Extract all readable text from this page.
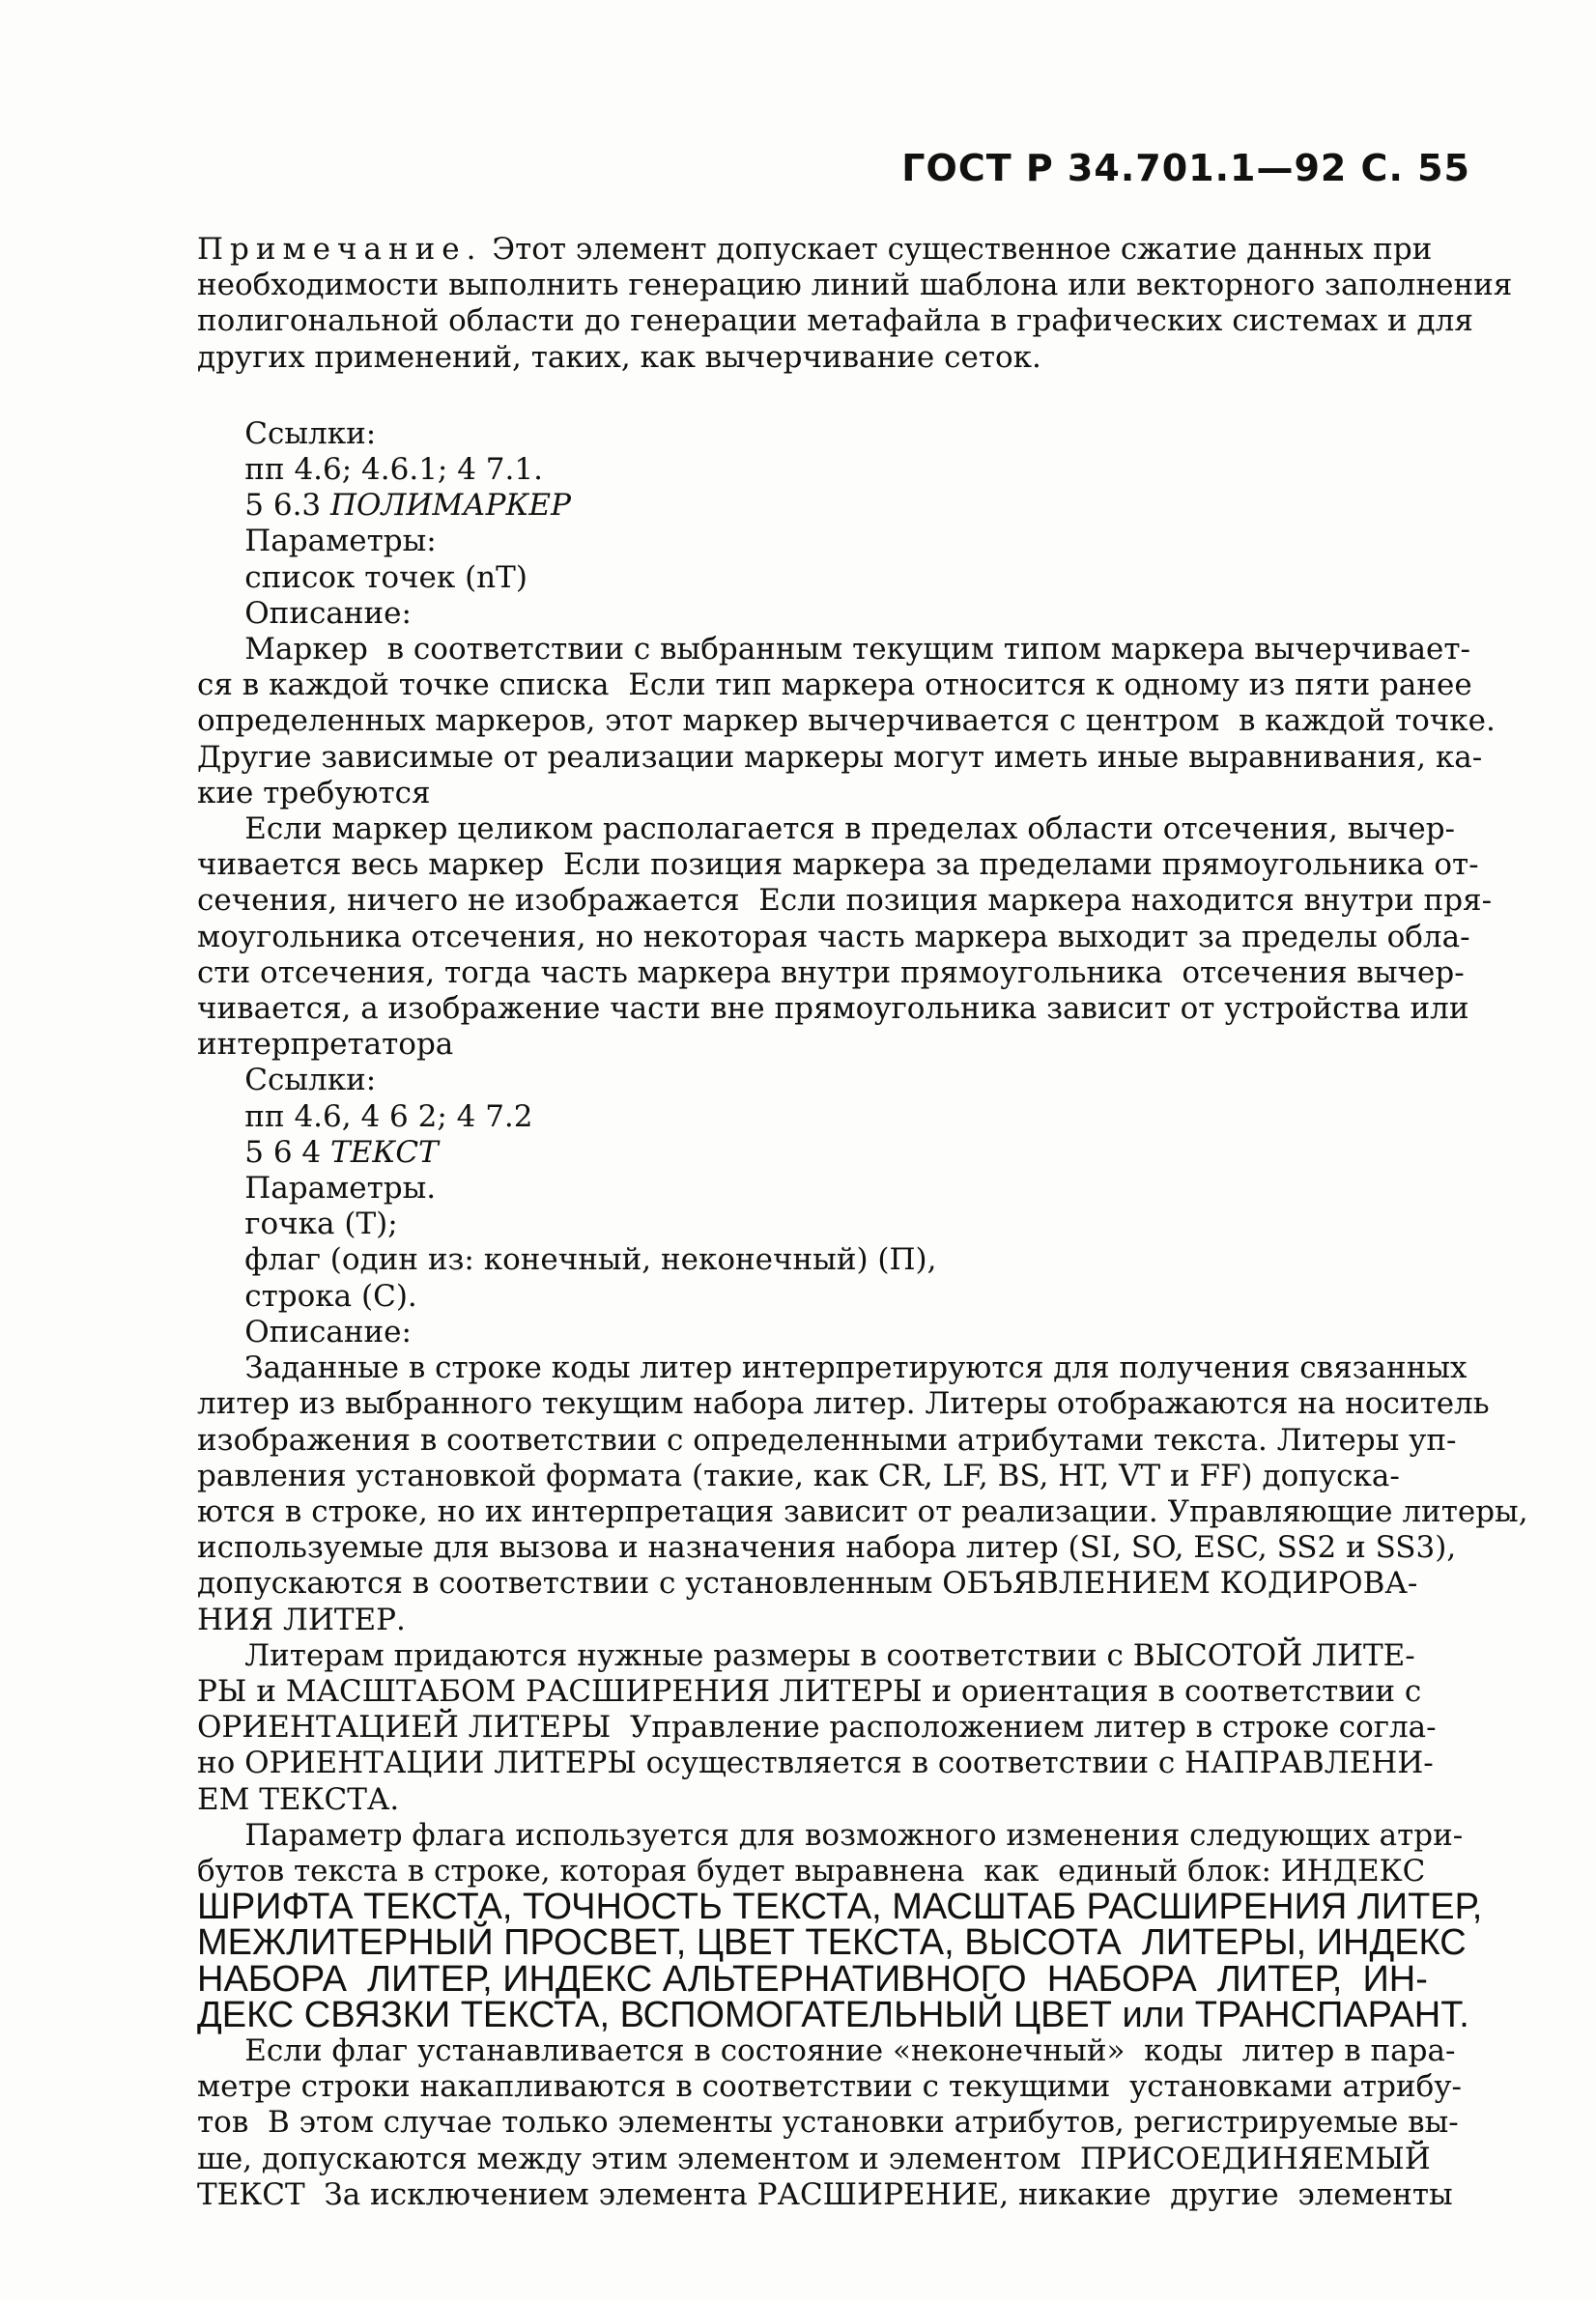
ГОСТ Р 34.701.1—92 С. 55
Примечание. Этот элемент допускает существенное сжатие данных при
необходимости выполнить генерацию линий шаблона или векторного заполнения
полигональной области до генерации метафайла в графических системах и для
других применений, таких, как вычерчивание сеток.
Ссылки:
пп 4.6; 4.6.1; 4 7.1.
5 6.3 ПОЛИМАРКЕР
Параметры:
список точек (nT)
Описание:
Маркер  в соответствии с выбранным текущим типом маркера вычерчивает-
ся в каждой точке списка  Если тип маркера относится к одному из пяти ранее
определенных маркеров, этот маркер вычерчивается с центром  в каждой точке.
Другие зависимые от реализации маркеры могут иметь иные выравнивания, ка-
кие требуются
Если маркер целиком располагается в пределах области отсечения, вычер-
чивается весь маркер  Если позиция маркера за пределами прямоугольника от-
сечения, ничего не изображается  Если позиция маркера находится внутри пря-
моугольника отсечения, но некоторая часть маркера выходит за пределы обла-
сти отсечения, тогда часть маркера внутри прямоугольника  отсечения вычер-
чивается, а изображение части вне прямоугольника зависит от устройства или
интерпретатора
Ссылки:
пп 4.6, 4 6 2; 4 7.2
5 6 4 ТЕКСТ
Параметры.
гочка (Т);
флаг (один из: конечный, неконечный) (П),
строка (С).
Описание:
Заданные в строке коды литер интерпретируются для получения связанных
литер из выбранного текущим набора литер. Литеры отображаются на носитель
изображения в соответствии с определенными атрибутами текста. Литеры уп-
равления установкой формата (такие, как CR, LF, BS, HT, VT и FF) допуска-
ются в строке, но их интерпретация зависит от реализации. Управляющие литеры,
используемые для вызова и назначения набора литер (SI, SO, ESC, SS2 и SS3),
допускаются в соответствии с установленным ОБЪЯВЛЕНИЕМ КОДИРОВА-
НИЯ ЛИТЕР.
Литерам придаются нужные размеры в соответствии с ВЫСОТОЙ ЛИТЕ-
РЫ и МАСШТАБОМ РАСШИРЕНИЯ ЛИТЕРЫ и ориентация в соответствии с
ОРИЕНТАЦИЕЙ ЛИТЕРЫ  Управление расположением литер в строке согла-
но ОРИЕНТАЦИИ ЛИТЕРЫ осуществляется в соответствии с НАПРАВЛЕНИ-
ЕМ ТЕКСТА.
Параметр флага используется для возможного изменения следующих атри-
бутов текста в строке, которая будет выравнена  как  единый блок: ИНДЕКС
ШРИФТА ТЕКСТА, ТОЧНОСТЬ ТЕКСТА, МАСШТАБ РАСШИРЕНИЯ ЛИТЕР,
МЕЖЛИТЕРНЫЙ ПРОСВЕТ, ЦВЕТ ТЕКСТА, ВЫСОТА  ЛИТЕРЫ, ИНДЕКС
НАБОРА  ЛИТЕР, ИНДЕКС АЛЬТЕРНАТИВНОГО  НАБОРА  ЛИТЕР,  ИН-
ДЕКС СВЯЗКИ ТЕКСТА, ВСПОМОГАТЕЛЬНЫЙ ЦВЕТ или ТРАНСПАРАНТ.
Если флаг устанавливается в состояние «неконечный»  коды  литер в пара-
метре строки накапливаются в соответствии с текущими  установками атрибу-
тов  В этом случае только элементы установки атрибутов, регистрируемые вы-
ше, допускаются между этим элементом и элементом  ПРИСОЕДИНЯЕМЫЙ
ТЕКСТ  За исключением элемента РАСШИРЕНИЕ, никакие  другие  элементы
